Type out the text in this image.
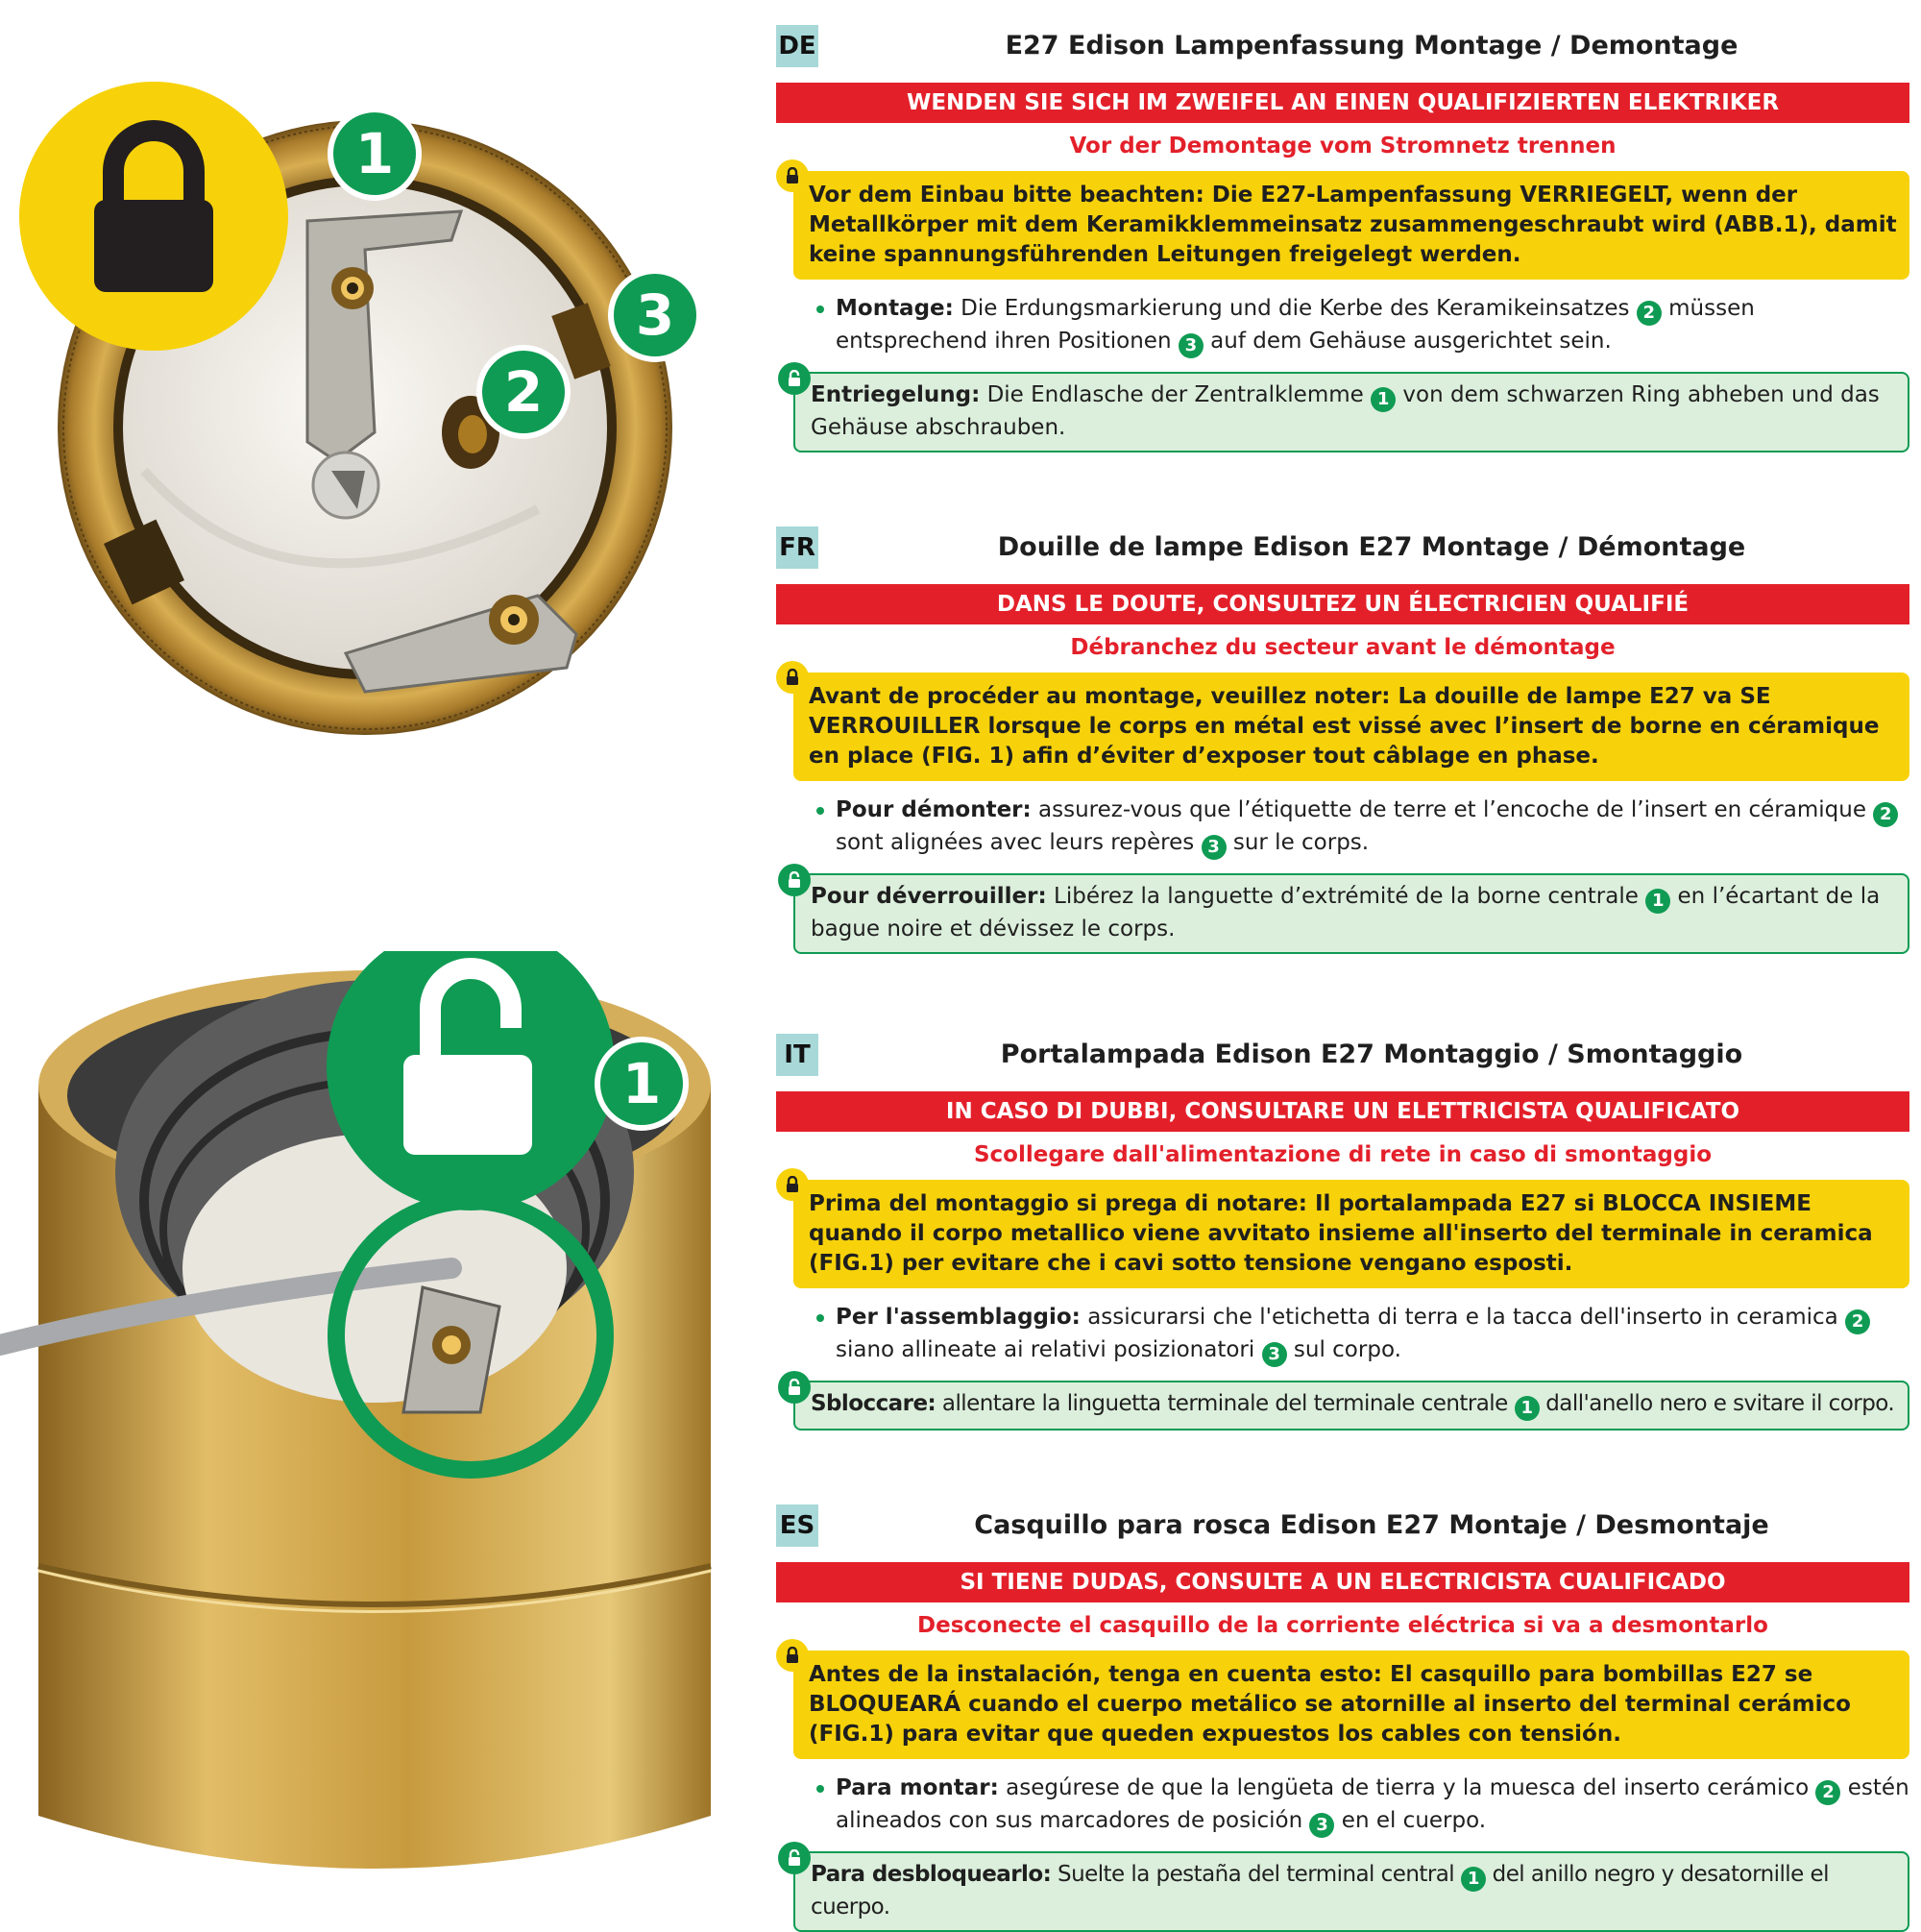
1
2
3
1
DE	E27 Edison Lampenfassung Montage / Demontage
WENDEN SIE SICH IM ZWEIFEL AN EINEN QUALIFIZIERTEN ELEKTRIKER
Vor der Demontage vom Stromnetz trennen
Vor dem Einbau bitte beachten: Die E27-Lampenfassung VERRIEGELT, wenn der Metallkörper mit dem Keramikklemmeinsatz zusammengeschraubt wird (ABB.1), damit keine spannungsführenden Leitungen freigelegt werden.
Montage: Die Erdungsmarkierung und die Kerbe des Keramikeinsatzes 2 müssen entsprechend ihren Positionen 3 auf dem Gehäuse ausgerichtet sein.
Entriegelung: Die Endlasche der Zentralklemme 1 von dem schwarzen Ring abheben und das Gehäuse abschrauben.
FR	Douille de lampe Edison E27 Montage / Démontage
DANS LE DOUTE, CONSULTEZ UN ÉLECTRICIEN QUALIFIÉ
Débranchez du secteur avant le démontage
Avant de procéder au montage, veuillez noter: La douille de lampe E27 va SE VERROUILLER lorsque le corps en métal est vissé avec l’insert de borne en céramique en place (FIG. 1) afin d’éviter d’exposer tout câblage en phase.
Pour démonter: assurez-vous que l’étiquette de terre et l’encoche de l’insert en céramique 2 sont alignées avec leurs repères 3 sur le corps.
Pour déverrouiller: Libérez la languette d’extrémité de la borne centrale 1 en l’écartant de la bague noire et dévissez le corps.
IT	Portalampada Edison E27 Montaggio / Smontaggio
IN CASO DI DUBBI, CONSULTARE UN ELETTRICISTA QUALIFICATO
Scollegare dall'alimentazione di rete in caso di smontaggio
Prima del montaggio si prega di notare: Il portalampada E27 si BLOCCA INSIEME quando il corpo metallico viene avvitato insieme all'inserto del terminale in ceramica (FIG.1) per evitare che i cavi sotto tensione vengano esposti.
Per l'assemblaggio: assicurarsi che l'etichetta di terra e la tacca dell'inserto in ceramica 2 siano allineate ai relativi posizionatori 3 sul corpo.
Sbloccare: allentare la linguetta terminale del terminale centrale 1 dall'anello nero e svitare il corpo.
ES	Casquillo para rosca Edison E27 Montaje / Desmontaje
SI TIENE DUDAS, CONSULTE A UN ELECTRICISTA CUALIFICADO
Desconecte el casquillo de la corriente eléctrica si va a desmontarlo
Antes de la instalación, tenga en cuenta esto: El casquillo para bombillas E27 se BLOQUEARÁ cuando el cuerpo metálico se atornille al inserto del terminal cerámico (FIG.1) para evitar que queden expuestos los cables con tensión.
Para montar: asegúrese de que la lengüeta de tierra y la muesca del inserto cerámico 2 estén alineados con sus marcadores de posición 3 en el cuerpo.
Para desbloquearlo: Suelte la pestaña del terminal central 1 del anillo negro y desatornille el cuerpo.
